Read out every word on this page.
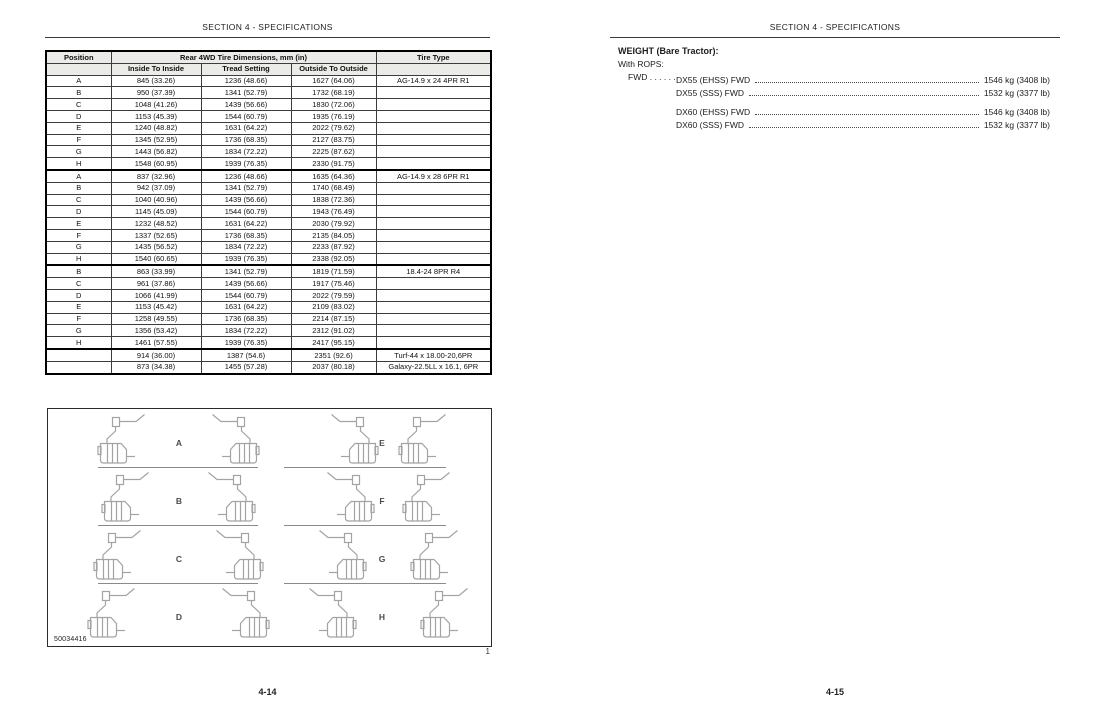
SECTION 4 - SPECIFICATIONS
Position	Rear 4WD Tire Dimensions, mm (in)			Tire Type
	Inside To Inside	Tread Setting	Outside To Outside	
A	845 (33.26)	1236 (48.66)	1627 (64.06)	AG-14.9 x 24 4PR R1
B	950 (37.39)	1341 (52.79)	1732 (68.19)	
C	1048 (41.26)	1439 (56.66)	1830 (72.06)	
D	1153 (45.39)	1544 (60.79)	1935 (76.19)	
E	1240 (48.82)	1631 (64.22)	2022 (79.62)	
F	1345 (52.95)	1736 (68.35)	2127 (83.75)	
G	1443 (56.82)	1834 (72.22)	2225 (87.62)	
H	1548 (60.95)	1939 (76.35)	2330 (91.75)	
A	837 (32.96)	1236 (48.66)	1635 (64.36)	AG-14.9 x 28 6PR R1
B	942 (37.09)	1341 (52.79)	1740 (68.49)	
C	1040 (40.96)	1439 (56.66)	1838 (72.36)	
D	1145 (45.09)	1544 (60.79)	1943 (76.49)	
E	1232 (48.52)	1631 (64.22)	2030 (79.92)	
F	1337 (52.65)	1736 (68.35)	2135 (84.05)	
G	1435 (56.52)	1834 (72.22)	2233 (87.92)	
H	1540 (60.65)	1939 (76.35)	2338 (92.05)	
B	863 (33.99)	1341 (52.79)	1819 (71.59)	18.4-24 8PR R4
C	961 (37.86)	1439 (56.66)	1917 (75.46)	
D	1066 (41.99)	1544 (60.79)	2022 (79.59)	
E	1153 (45.42)	1631 (64.22)	2109 (83.02)	
F	1258 (49.55)	1736 (68.35)	2214 (87.15)	
G	1356 (53.42)	1834 (72.22)	2312 (91.02)	
H	1461 (57.55)	1939 (76.35)	2417 (95.15)	
	914 (36.00)	1387 (54.6)	2351 (92.6)	Turf-44 x 18.00-20,6PR
	873 (34.38)	1455 (57.28)	2037 (80.18)	Galaxy-22.5LL x 16.1, 6PR
A
B
C
D
E
F
G
H
50034416
1
4-14
SECTION 4 - SPECIFICATIONS
WEIGHT (Bare Tractor):
With ROPS:
FWD . . . . . . DX55 (EHSS) FWD	1546 kg (3408 lb)
DX55 (SSS) FWD	1532 kg (3377 lb)
DX60 (EHSS) FWD	1546 kg (3408 lb)
DX60 (SSS) FWD	1532 kg (3377 lb)
4-15
